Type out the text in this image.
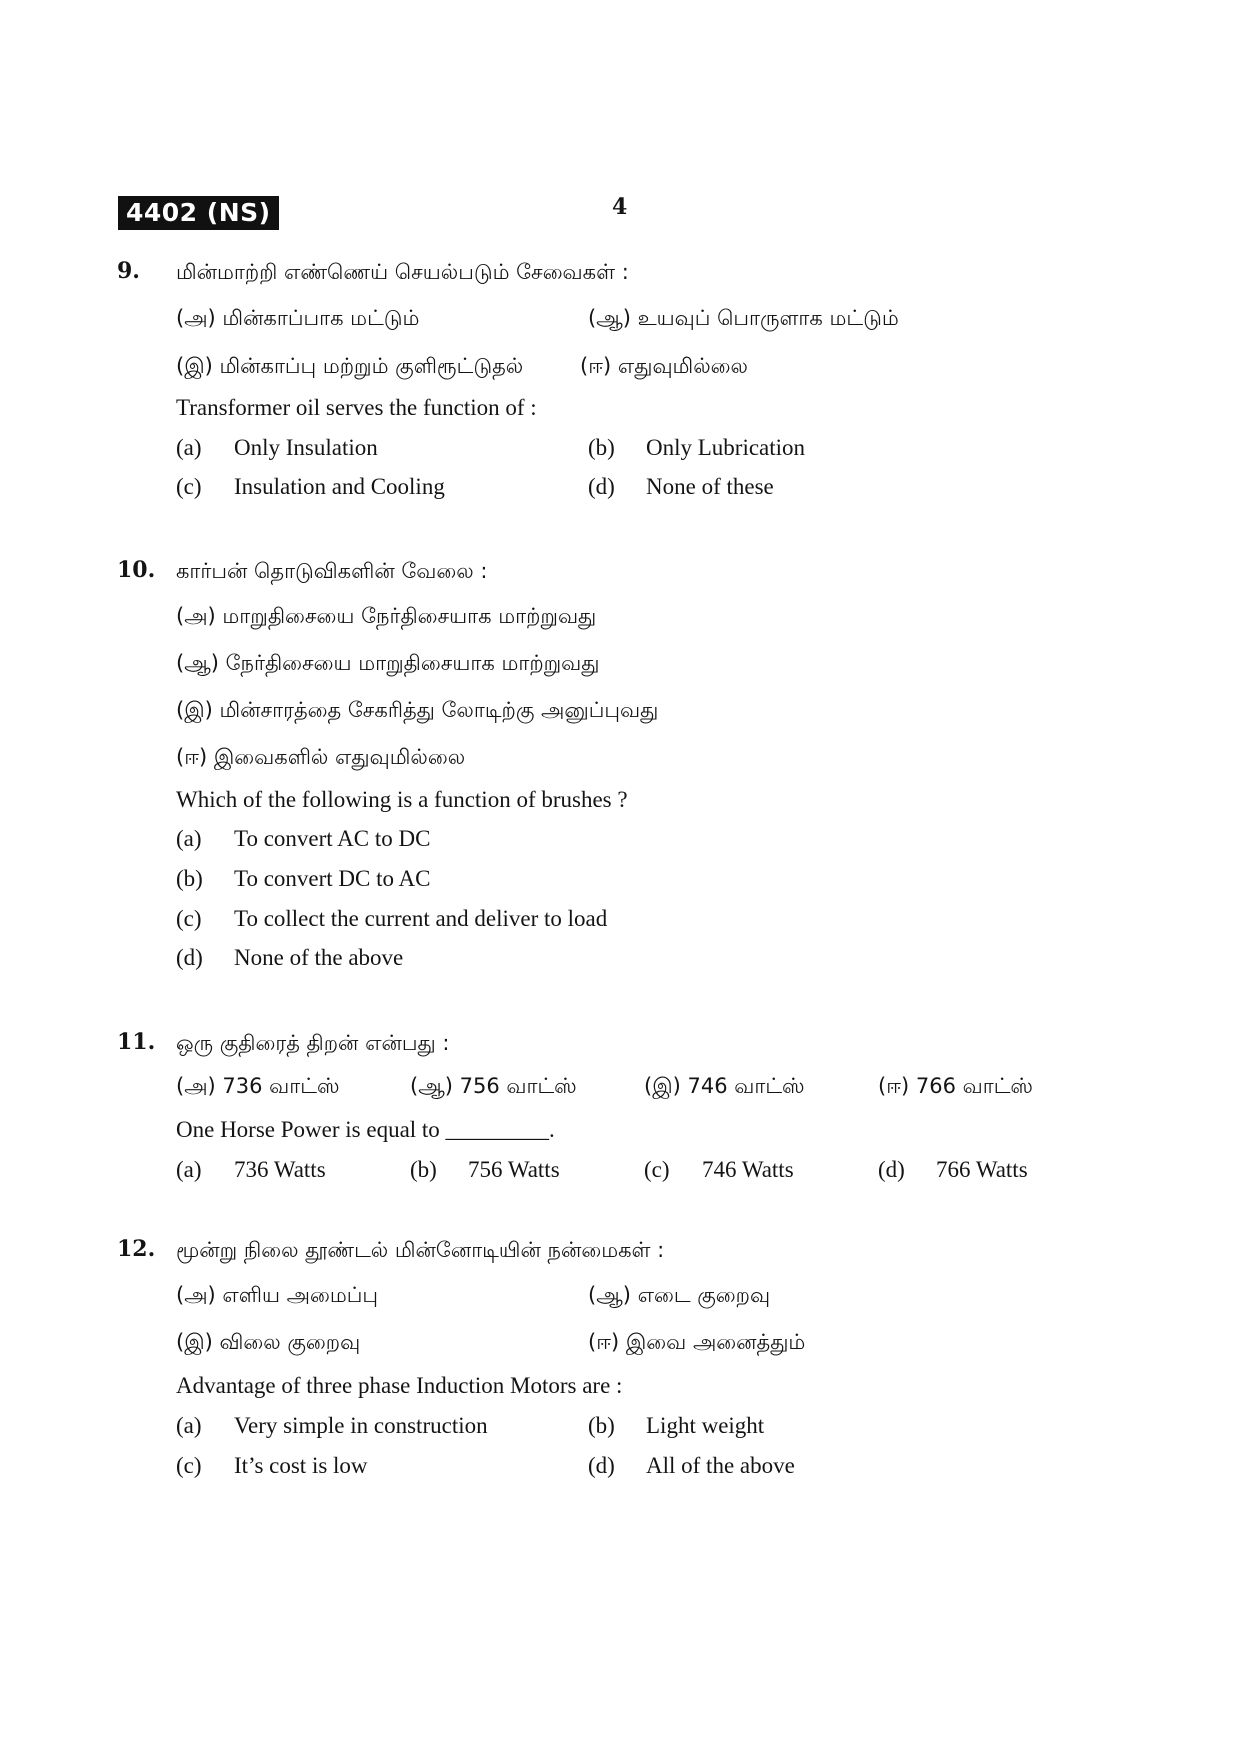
4402 (NS)	4
9. மின்மாற்றி எண்ணெய் செயல்படும் சேவைகள் :
(அ) மின்காப்பாக மட்டும்	(ஆ) உயவுப் பொருளாக மட்டும்
(இ) மின்காப்பு மற்றும் குளிரூட்டுதல்	(ஈ) எதுவுமில்லை
Transformer oil serves the function of :
(a) Only Insulation	(b) Only Lubrication
(c) Insulation and Cooling	(d) None of these
10. கார்பன் தொடுவிகளின் வேலை :
(அ) மாறுதிசையை நேர்திசையாக மாற்றுவது
(ஆ) நேர்திசையை மாறுதிசையாக மாற்றுவது
(இ) மின்சாரத்தை சேகரித்து லோடிற்கு அனுப்புவது
(ஈ) இவைகளில் எதுவுமில்லை
Which of the following is a function of brushes ?
(a) To convert AC to DC
(b) To convert DC to AC
(c) To collect the current and deliver to load
(d) None of the above
11. ஒரு குதிரைத் திறன் என்பது :
(அ) 736 வாட்ஸ்	(ஆ) 756 வாட்ஸ்	(இ) 746 வாட்ஸ்	(ஈ) 766 வாட்ஸ்
One Horse Power is equal to _________.
(a) 736 Watts	(b) 756 Watts	(c) 746 Watts	(d) 766 Watts
12. மூன்று நிலை தூண்டல் மின்னோடியின் நன்மைகள் :
(அ) எளிய அமைப்பு	(ஆ) எடை குறைவு
(இ) விலை குறைவு	(ஈ) இவை அனைத்தும்
Advantage of three phase Induction Motors are :
(a) Very simple in construction	(b) Light weight
(c) It’s cost is low	(d) All of the above
